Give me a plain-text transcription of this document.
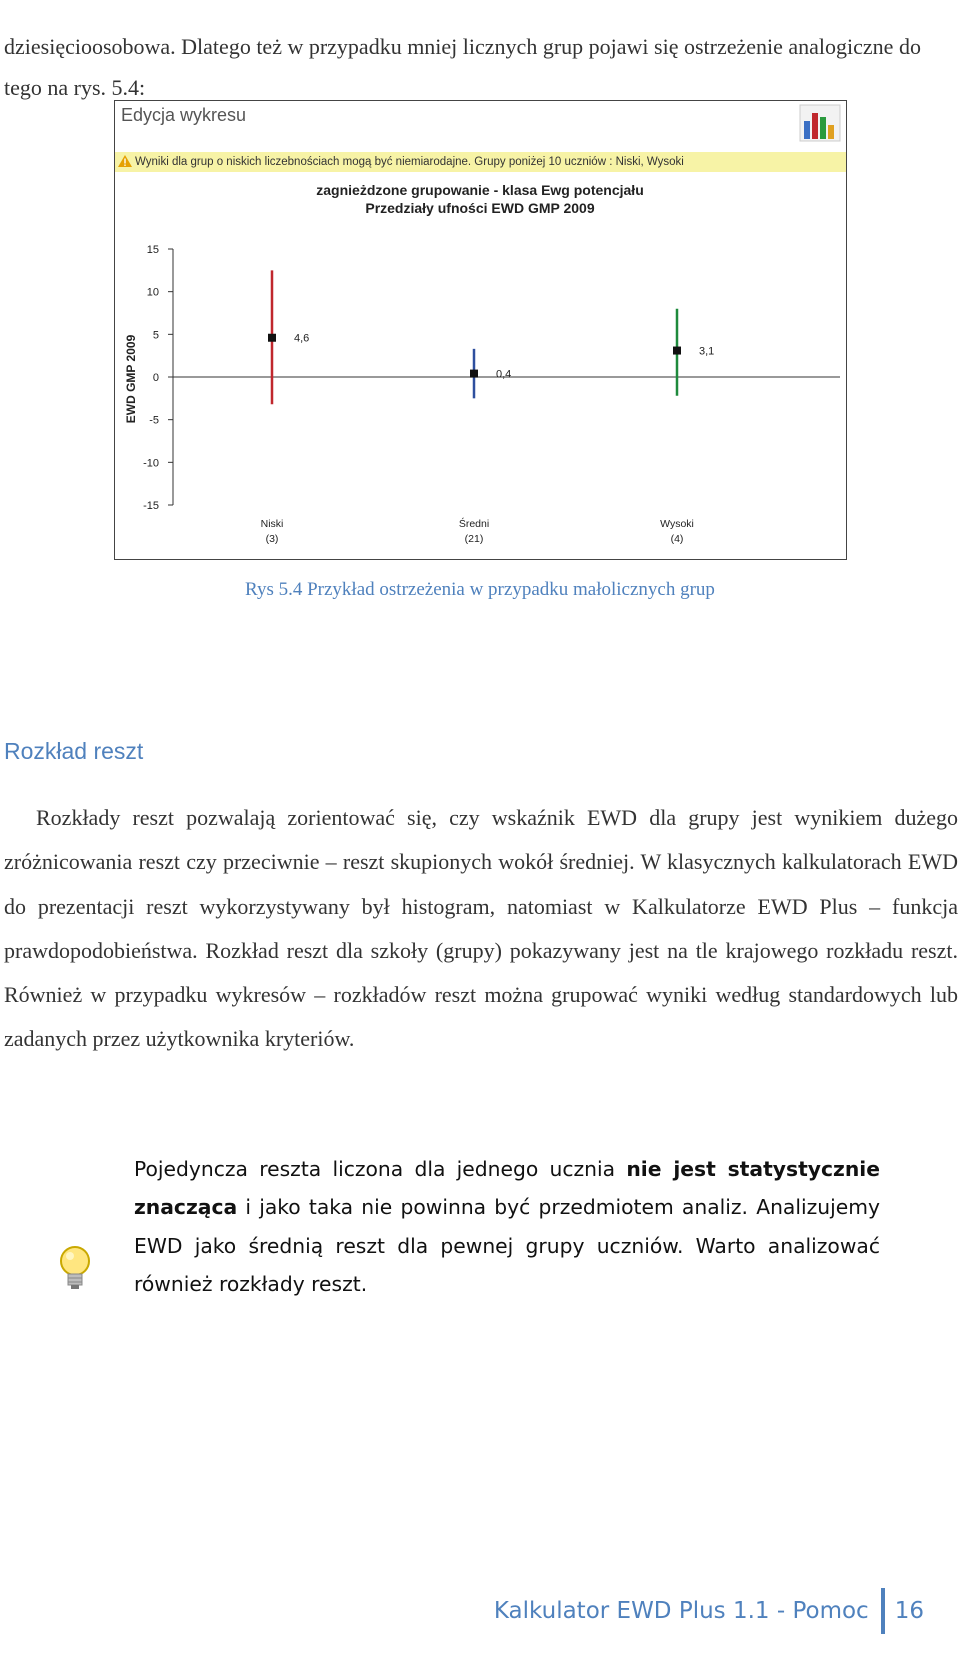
dziesięcioosobowa. Dlatego też w przypadku mniej licznych grup pojawi się ostrzeżenie analogiczne do tego na rys. 5.4:

Edycja wykresu
Wyniki dla grup o niskich liczebnościach mogą być niemiarodajne. Grupy poniżej 10 uczniów : Niski, Wysoki
zagnieżdzone grupowanie - klasa Ewg potencjału
Przedziały ufności EWD GMP 2009
EWD GMP 2009
15
10
5
0
-5
-10
-15
4,6
Niski
(3)
0,4
Średni
(21)
3,1
Wysoki
(4)
Rys 5.4 Przykład ostrzeżenia w przypadku małolicznych grup
Rozkład reszt

Rozkłady reszt pozwalają zorientować się, czy wskaźnik EWD dla grupy jest wynikiem dużego zróżnicowania reszt czy przeciwnie – reszt skupionych wokół średniej. W klasycznych kalkulatorach EWD do prezentacji reszt wykorzystywany był histogram, natomiast w Kalkulatorze EWD Plus – funkcja prawdopodobieństwa. Rozkład reszt dla szkoły (grupy) pokazywany jest na tle krajowego rozkładu reszt. Również w przypadku wykresów – rozkładów reszt można grupować wyniki według standardowych lub zadanych przez użytkownika kryteriów.

Pojedyncza reszta liczona dla jednego ucznia nie jest statystycznie znacząca i jako taka nie powinna być przedmiotem analiz. Analizujemy EWD jako średnią reszt dla pewnej grupy uczniów. Warto analizować również rozkłady reszt.

Kalkulator EWD Plus 1.1 - Pomoc 16
